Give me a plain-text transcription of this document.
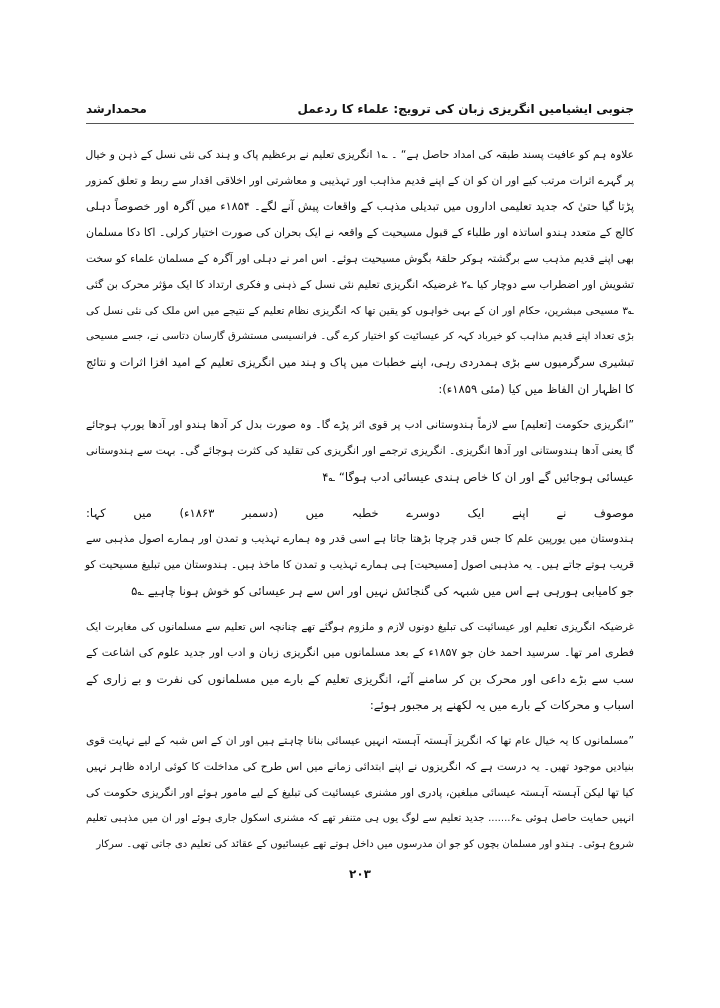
جنوبی ایشیامیں انگریزی زبان کی ترویج: علماء کا ردعمل
محمدارشد
علاوہ ہم کو عافیت پسند طبقہ کی امداد حاصل ہے“ ۔ ؎۱ انگریزی تعلیم نے برعظیم پاک و ہند کی نئی نسل کے ذہن و خیال
پر گہرے اثرات مرتب کیے اور ان کو ان کے اپنے قدیم مذاہب اور تہذیبی و معاشرتی اور اخلاقی اقدار سے ربط و تعلق کمزور
پڑتا گیا حتیٰ کہ جدید تعلیمی اداروں میں تبدیلی مذہب کے واقعات پیش آنے لگے۔ ۱۸۵۴ء میں آگرہ اور خصوصاً دہلی
کالج کے متعدد ہندو اساتذہ اور طلباء کے قبول مسیحیت کے واقعہ نے ایک بحران کی صورت اختیار کرلی۔ اکا دکا مسلمان
بھی اپنے قدیم مذہب سے برگشتہ ہوکر حلقۂ بگوش مسیحیت ہوئے۔ اس امر نے دہلی اور آگرہ کے مسلمان علماء کو سخت
تشویش اور اضطراب سے دوچار کیا ؎۲ غرضیکہ انگریزی تعلیم نئی نسل کے ذہنی و فکری ارتداد کا ایک مؤثر محرک بن گئی
؎۳ مسیحی مبشرین، حکام اور ان کے بہی خواہوں کو یقین تھا کہ انگریزی نظام تعلیم کے نتیجے میں اس ملک کی نئی نسل کی
بڑی تعداد اپنے قدیم مذاہب کو خیرباد کہہ کر عیسائیت کو اختیار کرے گی۔ فرانسیسی مستشرق گارسان دتاسی نے، جسے مسیحی
تبشیری سرگرمیوں سے بڑی ہمدردی رہی، اپنے خطبات میں پاک و ہند میں انگریزی تعلیم کے امید افزا اثرات و نتائج
کا اظہار ان الفاظ میں کیا (مئی ۱۸۵۹ء):
”انگریزی حکومت [تعلیم] سے لازماً ہندوستانی ادب پر قوی اثر پڑے گا۔ وہ صورت بدل کر آدھا ہندو اور آدھا یورپ ہوجائے
گا یعنی آدھا ہندوستانی اور آدھا انگریزی۔ انگریزی ترجمے اور انگریزی کی تقلید کی کثرت ہوجائے گی۔ بہت سے ہندوستانی
عیسائی ہوجائیں گے اور ان کا خاص ہندی عیسائی ادب ہوگا“ ؎۴
موصوف نے اپنے ایک دوسرے خطبہ میں (دسمبر ۱۸۶۳ء) میں کہا:
ہندوستان میں یورپین علم کا جس قدر چرچا بڑھتا جاتا ہے اسی قدر وہ ہمارے تہذیب و تمدن اور ہمارے اصول مذہبی سے
قریب ہوتے جاتے ہیں۔ یہ مذہبی اصول [مسیحیت] ہی ہمارے تہذیب و تمدن کا ماخذ ہیں۔ ہندوستان میں تبلیغ مسیحیت کو
جو کامیابی ہورہی ہے اس میں شبہہ کی گنجائش نہیں اور اس سے ہر عیسائی کو خوش ہونا چاہیے ؎۵
غرضیکہ انگریزی تعلیم اور عیسائیت کی تبلیغ دونوں لازم و ملزوم ہوگئے تھے چنانچہ اس تعلیم سے مسلمانوں کی مغایرت ایک
فطری امر تھا۔ سرسید احمد خان جو ۱۸۵۷ء کے بعد مسلمانوں میں انگریزی زبان و ادب اور جدید علوم کی اشاعت کے
سب سے بڑے داعی اور محرک بن کر سامنے آئے، انگریزی تعلیم کے بارے میں مسلمانوں کی نفرت و بے زاری کے
اسباب و محرکات کے بارے میں یہ لکھنے پر مجبور ہوئے:
”مسلمانوں کا یہ خیال عام تھا کہ انگریز آہستہ آہستہ انہیں عیسائی بنانا چاہتے ہیں اور ان کے اس شبہ کے لیے نہایت قوی
بنیادیں موجود تھیں۔ یہ درست ہے کہ انگریزوں نے اپنے ابتدائی زمانے میں اس طرح کی مداخلت کا کوئی ارادہ ظاہر نہیں
کیا تھا لیکن آہستہ آہستہ عیسائی مبلغین، پادری اور مشنری عیسائیت کی تبلیغ کے لیے مامور ہوئے اور انگریزی حکومت کی
انہیں حمایت حاصل ہوئی ؎۶....... جدید تعلیم سے لوگ یوں ہی متنفر تھے کہ مشنری اسکول جاری ہوئے اور ان میں مذہبی تعلیم
شروع ہوئی۔ ہندو اور مسلمان بچوں کو جو ان مدرسوں میں داخل ہوتے تھے عیسائیوں کے عقائد کی تعلیم دی جاتی تھی۔ سرکار
۲۰۳
